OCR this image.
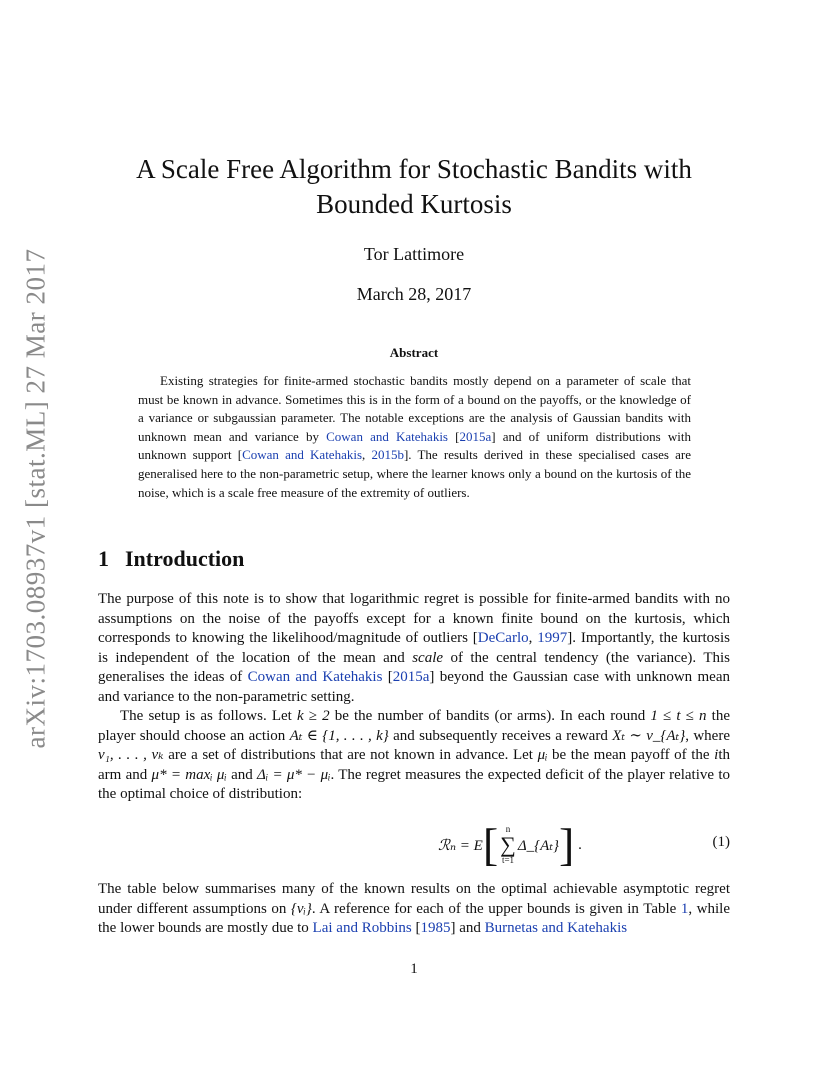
arXiv:1703.08937v1 [stat.ML] 27 Mar 2017
A Scale Free Algorithm for Stochastic Bandits with Bounded Kurtosis
Tor Lattimore
March 28, 2017
Abstract

Existing strategies for finite-armed stochastic bandits mostly depend on a parameter of scale that must be known in advance. Sometimes this is in the form of a bound on the payoffs, or the knowledge of a variance or subgaussian parameter. The notable exceptions are the analysis of Gaussian bandits with unknown mean and variance by Cowan and Katehakis [2015a] and of uniform distributions with unknown support [Cowan and Katehakis, 2015b]. The results derived in these specialised cases are generalised here to the non-parametric setup, where the learner knows only a bound on the kurtosis of the noise, which is a scale free measure of the extremity of outliers.

1 Introduction

The purpose of this note is to show that logarithmic regret is possible for finite-armed bandits with no assumptions on the noise of the payoffs except for a known finite bound on the kurtosis, which corresponds to knowing the likelihood/magnitude of outliers [DeCarlo, 1997]. Importantly, the kurtosis is independent of the location of the mean and scale of the central tendency (the variance). This generalises the ideas of Cowan and Katehakis [2015a] beyond the Gaussian case with unknown mean and variance to the non-parametric setting.

The setup is as follows. Let k ≥ 2 be the number of bandits (or arms). In each round 1 ≤ t ≤ n the player should choose an action Aₜ ∈ {1, . . . , k} and subsequently receives a reward Xₜ ∼ ν_{Aₜ}, where ν₁, . . . , νₖ are a set of distributions that are not known in advance. Let μᵢ be the mean payoff of the ith arm and μ* = maxᵢ μᵢ and Δᵢ = μ* − μᵢ. The regret measures the expected deficit of the player relative to the optimal choice of distribution:

ℛₙ = E [ n
∑
t=1
Δ_{Aₜ} ] .	(1)

The table below summarises many of the known results on the optimal achievable asymptotic regret under different assumptions on {νᵢ}. A reference for each of the upper bounds is given in Table 1, while the lower bounds are mostly due to Lai and Robbins [1985] and Burnetas and Katehakis

1
